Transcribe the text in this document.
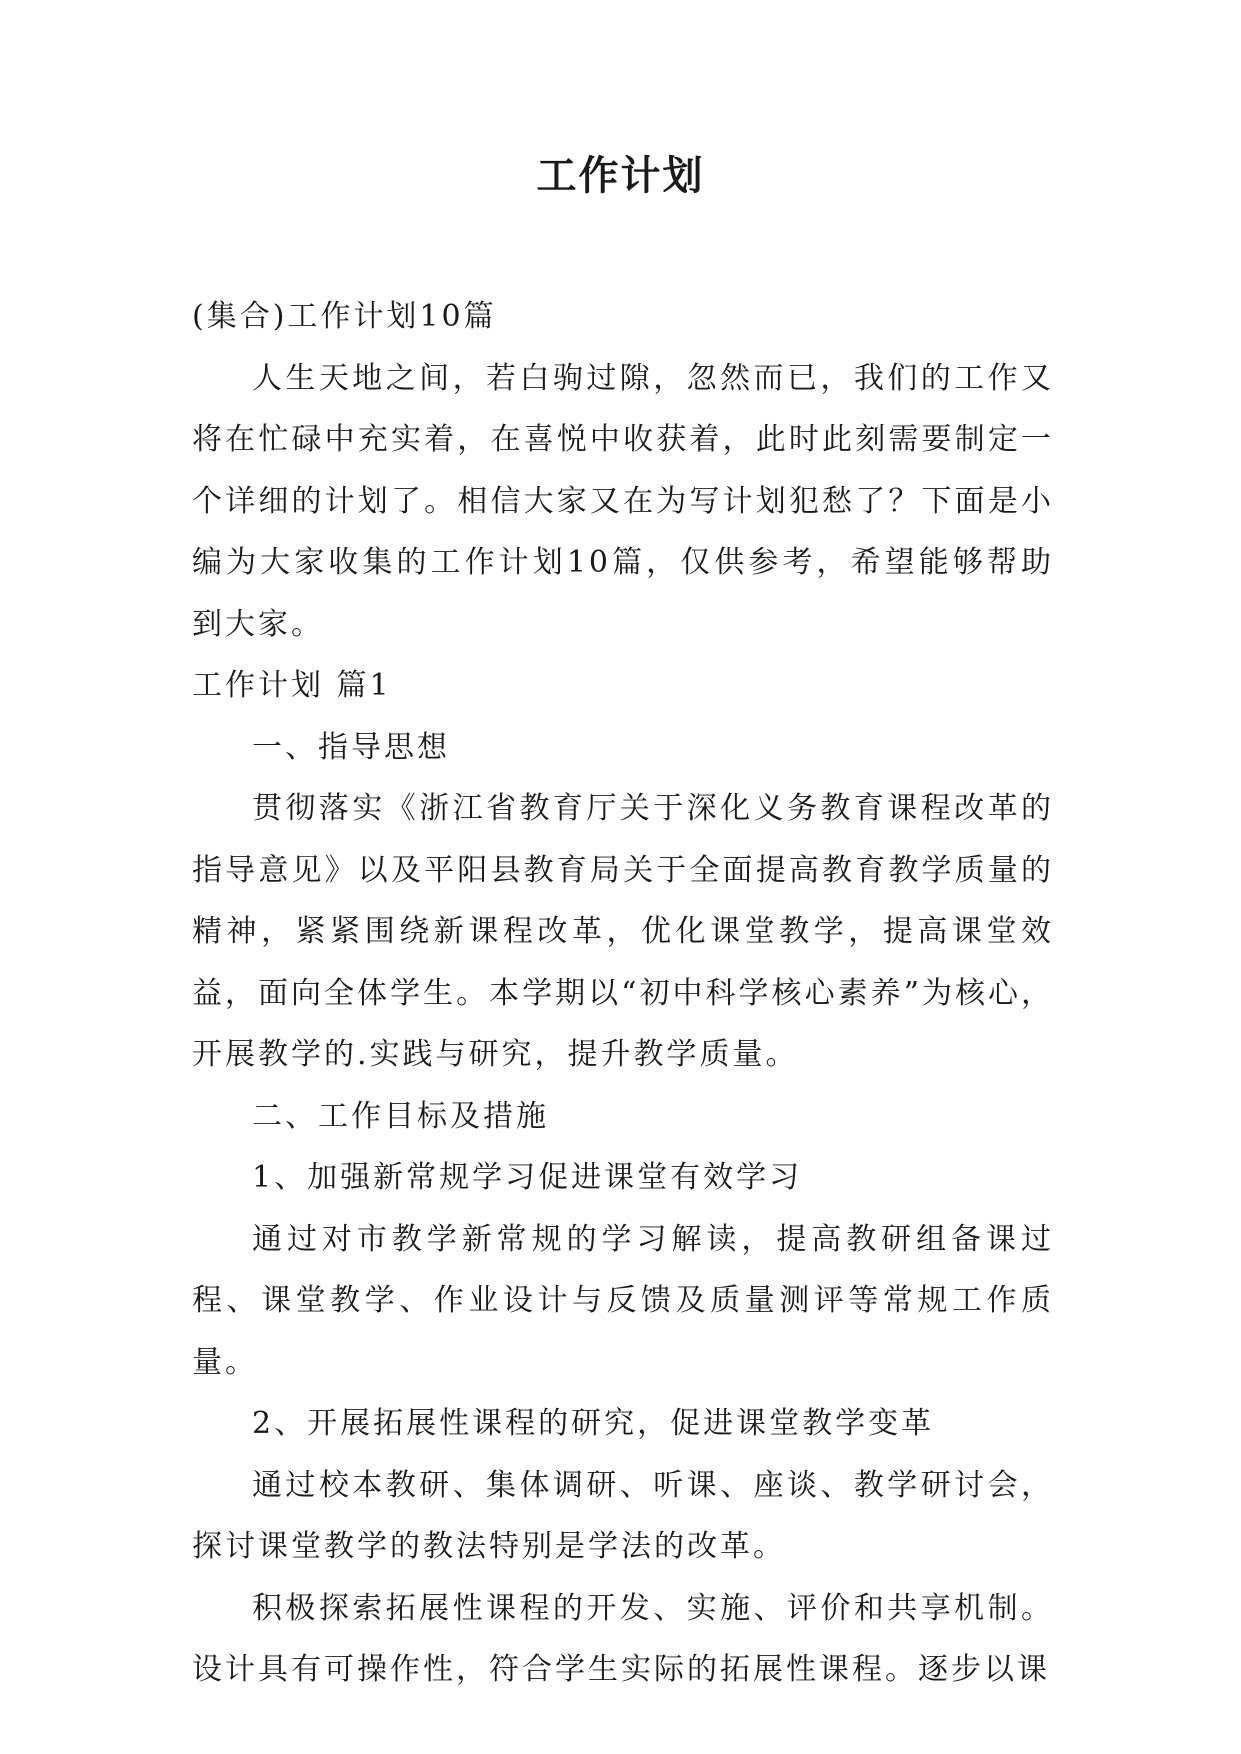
工作计划

(集合)工作计划10篇

人生天地之间，若白驹过隙，忽然而已，我们的工作又将在忙碌中充实着，在喜悦中收获着，此时此刻需要制定一个详细的计划了。相信大家又在为写计划犯愁了？下面是小编为大家收集的工作计划10篇，仅供参考，希望能够帮助到大家。

工作计划 篇1

一、指导思想

贯彻落实《浙江省教育厅关于深化义务教育课程改革的指导意见》以及平阳县教育局关于全面提高教育教学质量的精神，紧紧围绕新课程改革，优化课堂教学，提高课堂效益，面向全体学生。本学期以“初中科学核心素养”为核心，开展教学的.实践与研究，提升教学质量。

二、工作目标及措施

1、加强新常规学习促进课堂有效学习

通过对市教学新常规的学习解读，提高教研组备课过程、课堂教学、作业设计与反馈及质量测评等常规工作质量。

2、开展拓展性课程的研究，促进课堂教学变革

通过校本教研、集体调研、听课、座谈、教学研讨会，探讨课堂教学的教法特别是学法的改革。

积极探索拓展性课程的开发、实施、评价和共享机制。设计具有可操作性，符合学生实际的拓展性课程。逐步以课
